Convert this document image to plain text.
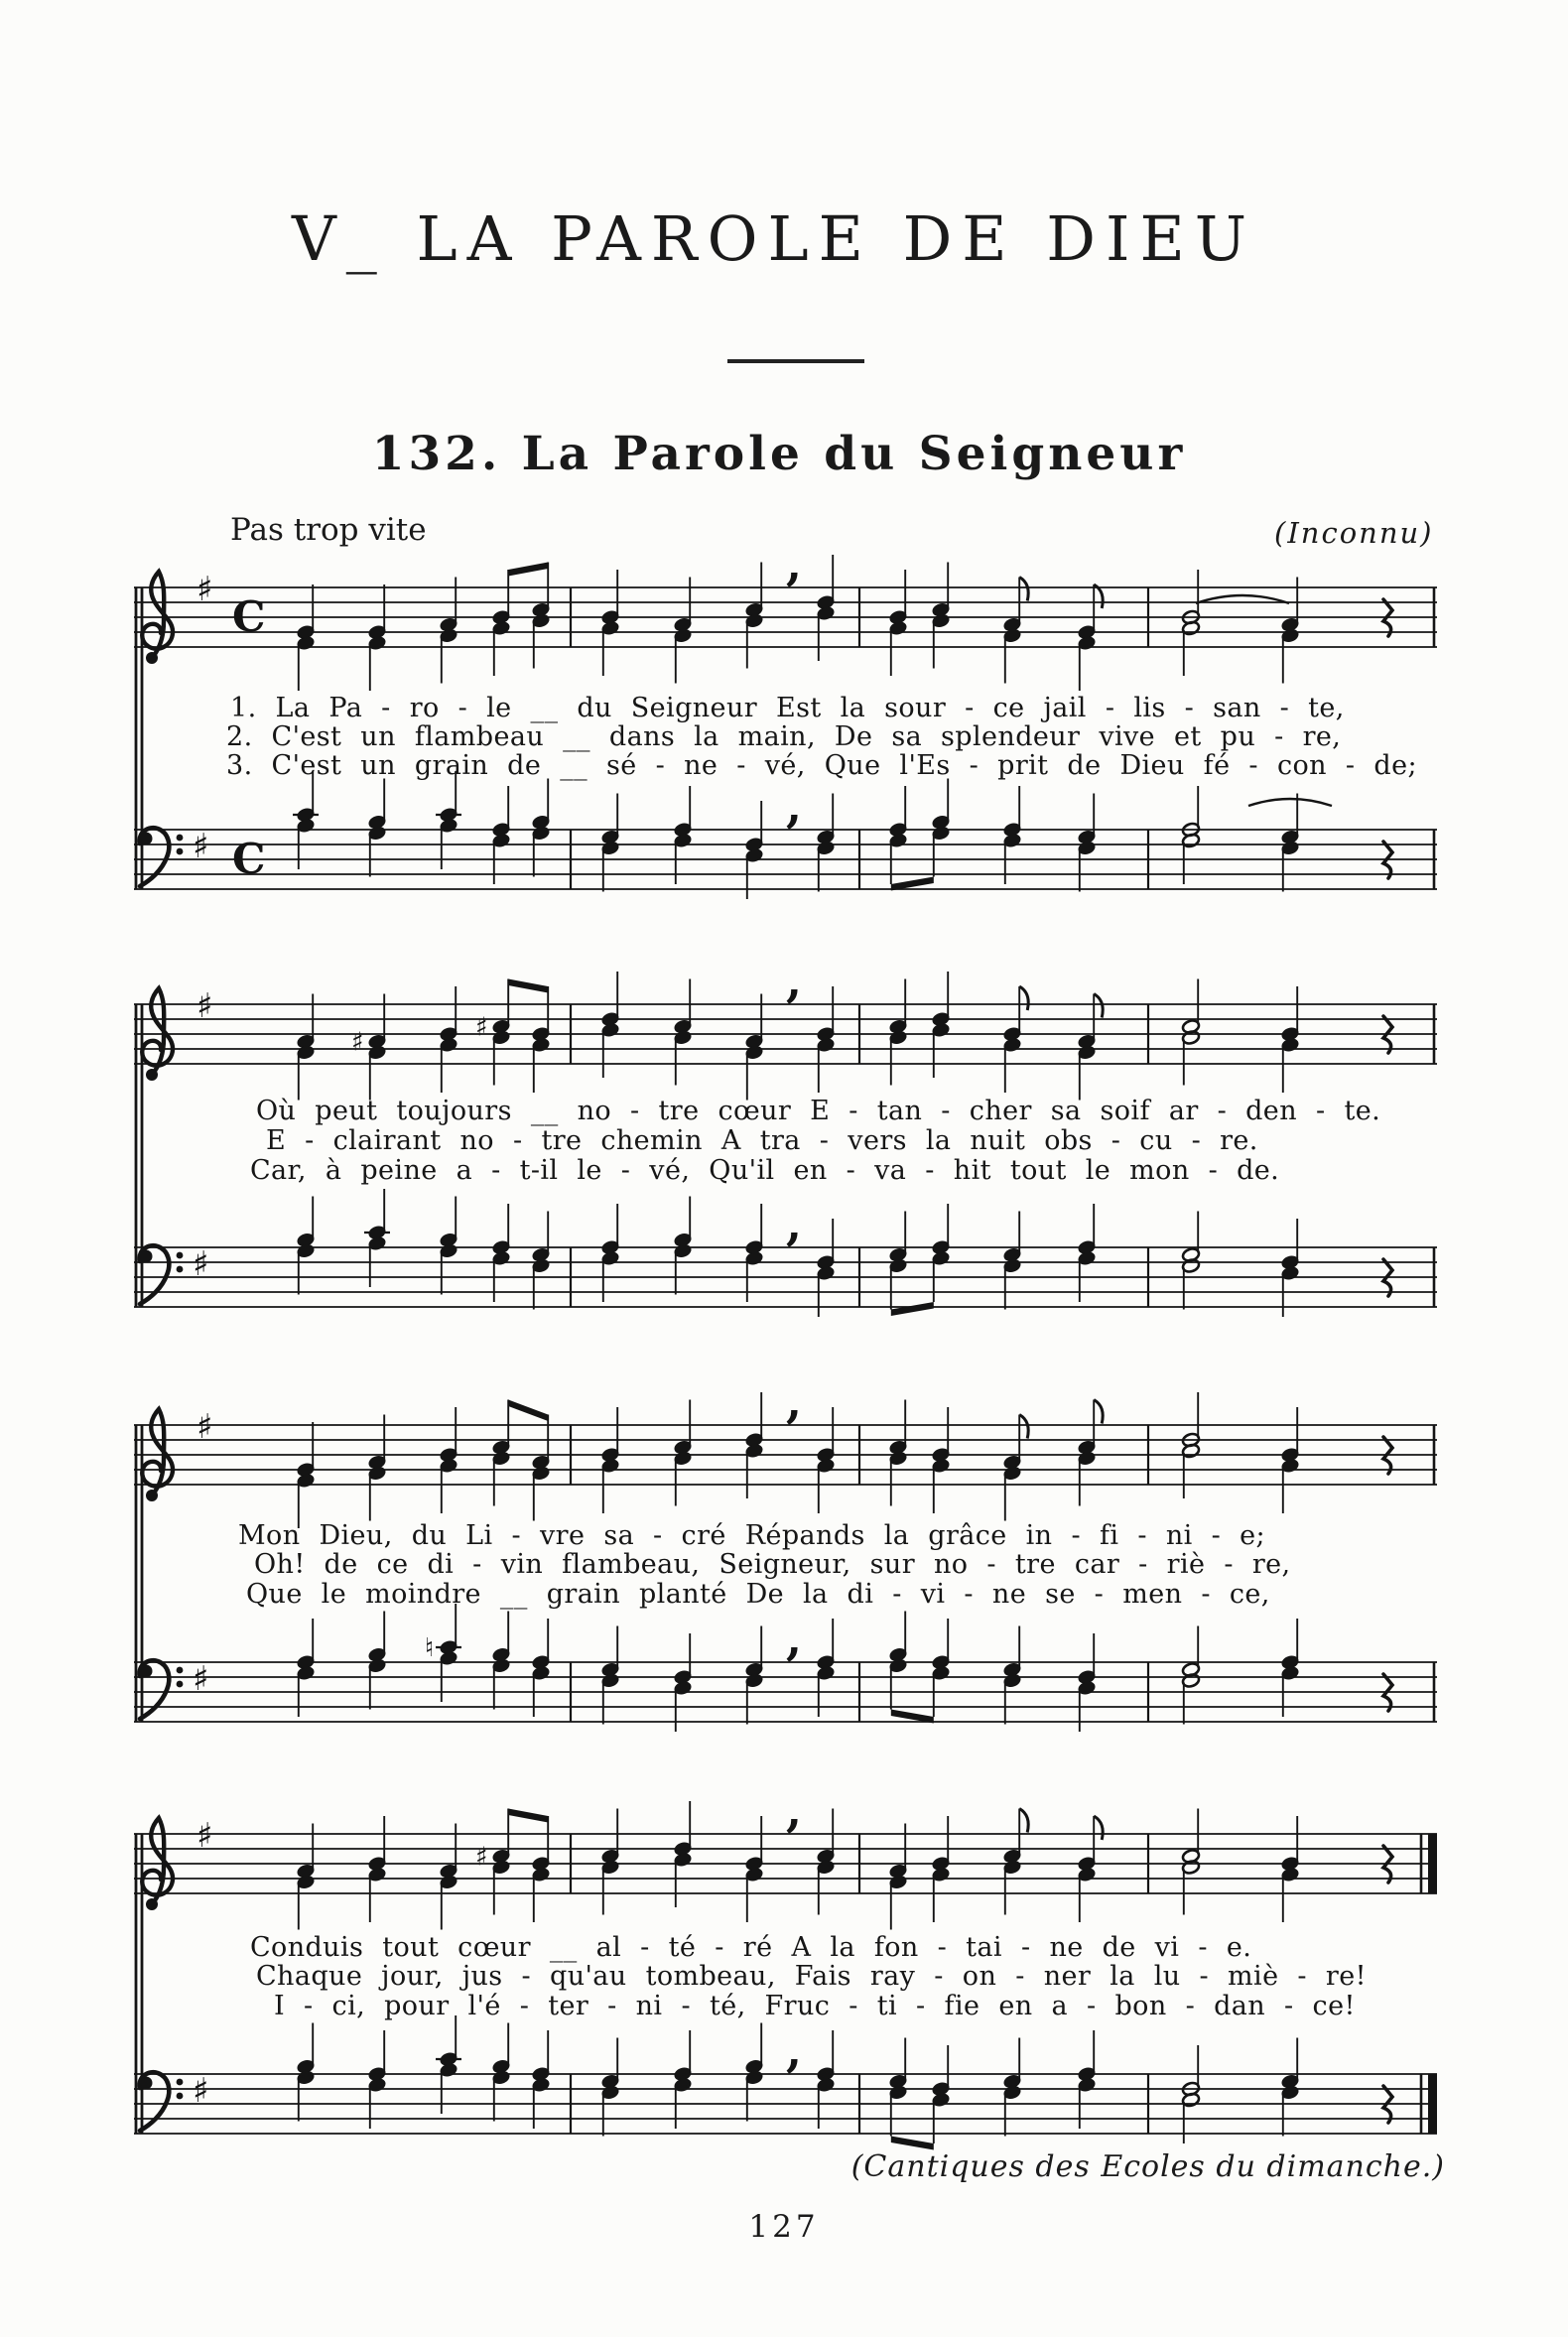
V_ LA PAROLE DE DIEU
132. La Parole du Seigneur
Pas trop vite	(Inconnu)
1. La Pa - ro - le __ du Seigneur Est la sour - ce jail - lis - san - te,
2. C'est un flambeau __ dans la main, De sa splendeur vive et pu - re,
3. C'est un grain de __ sé - ne - vé, Que l'Es - prit de Dieu fé - con - de;
♯
C
,
♯ C
,
Où peut toujours __ no - tre cœur E - tan - cher sa soif ar - den - te.
E - clairant no - tre chemin A tra - vers la nuit obs - cu - re.
Car, à peine a - t-il le - vé, Qu'il en - va - hit tout le mon - de.
♯	,
♯	♯
♯
,
Mon Dieu, du Li - vre sa - cré Répands la grâce in - fi - ni - e;
Oh! de ce di - vin flambeau, Seigneur, sur no - tre car - riè - re,
Que le moindre __ grain planté De la di - vi - ne se - men - ce,
♯	,
♯
,
♮
Conduis tout cœur __ al - té - ré A la fon - tai - ne de vi - e.
Chaque jour, jus - qu'au tombeau, Fais ray - on - ner la lu - miè - re!
I - ci, pour l'é - ter - ni - té, Fruc - ti - fie en a - bon - dan - ce!
♯	,
♯
♯
,
(Cantiques des Ecoles du dimanche.)
127
